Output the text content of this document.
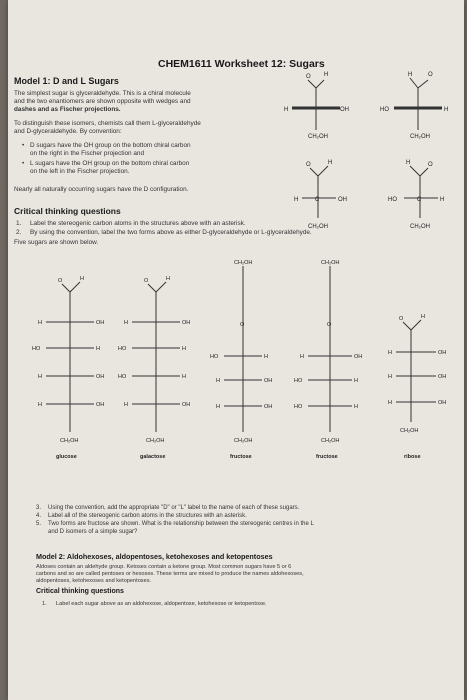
CHEM1611 Worksheet 12: Sugars
Model 1: D and L Sugars
The simplest sugar is glyceraldehyde. This is a chiral molecule
and the two enantiomers are shown opposite with wedges and
dashes and as Fischer projections.
To distinguish these isomers, chemists call them L-glyceraldehyde
and D-glyceraldehyde. By convention:
• D sugars have the OH group on the bottom chiral carbon
on the right in the Fischer projection and
• L sugars have the OH group on the bottom chiral carbon
on the left in the Fischer projection.
Nearly all naturally occurring sugars have the D configuration.
Critical thinking questions
1. Label the stereogenic carbon atoms in the structures above with an asterisk.
2. By using the convention, label the two forms above as either D-glyceraldehyde or L-glyceraldehyde.
Five sugars are shown below.
O H
H	OH
CH₂OH
H	O
HO	H
CH₂OH
O	H
H	C	OH
CH₂OH
H	O
HO	C	H
CH₂OH
O	H
H	OH
HO	H
H	OH
H	OH
CH₂OH
O	H
H	OH
HO	H
HO	H
H	OH
CH₂OH
CH₂OH
O
HO	H
H	OH
H	OH
CH₂OH
CH₂OH
O
H	OH
HO	H
HO	H
CH₂OH
O	H
H	OH
H	OH
H	OH
CH₂OH
glucose	galactose	fructose	fructose	ribose
3. Using the convention, add the appropriate "D" or "L" label to the name of each of these sugars.
4. Label all of the stereogenic carbon atoms in the structures with an asterisk.
5. Two forms are fructose are shown. What is the relationship between the stereogenic centres in the L
and D isomers of a simple sugar?
Model 2: Aldohexoses, aldopentoses, ketohexoses and ketopentoses
Aldoses contain an aldehyde group. Ketoses contain a ketone group. Most common sugars have 5 or 6
carbons and so are called pentoses or hexoses. These terms are mixed to produce the names aldohexoses,
aldopentoses, ketohexoses and ketopentoses.
Critical thinking questions
1. Label each sugar above as an aldohexose, aldopentose, ketohexose or ketopentose.
